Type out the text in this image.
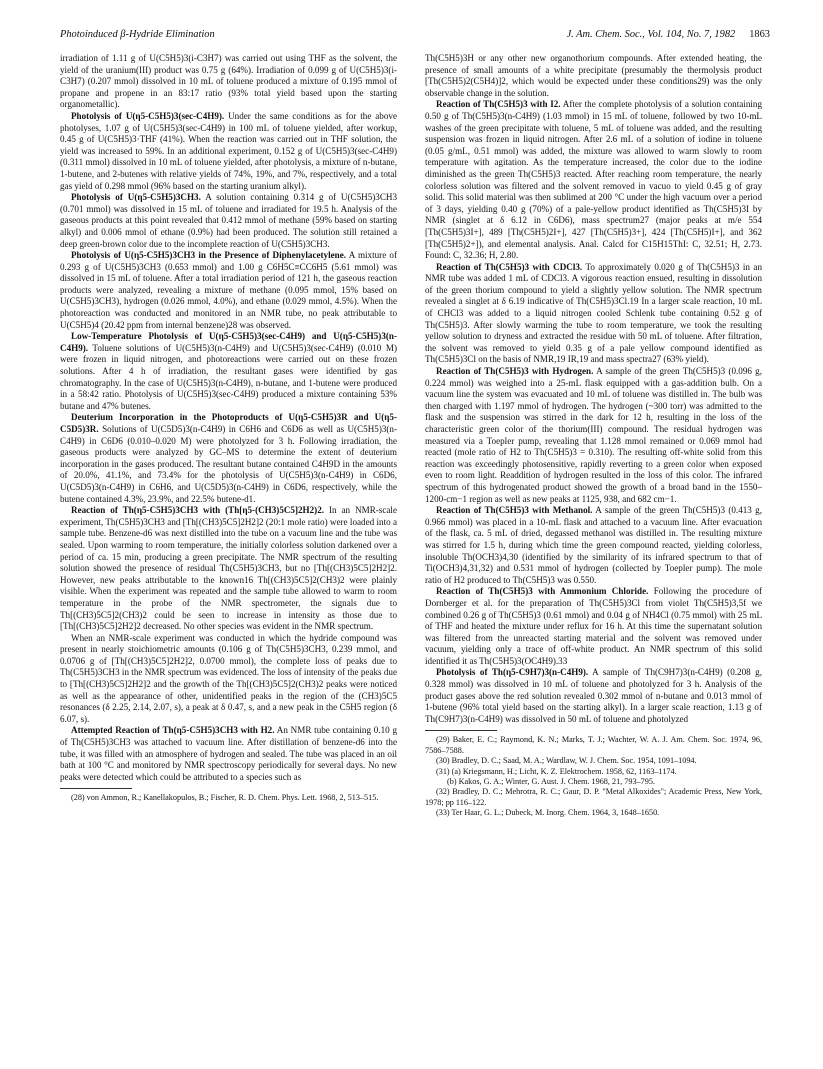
Photoinduced β-Hydride Elimination	J. Am. Chem. Soc., Vol. 104, No. 7, 1982 1863

irradiation of 1.11 g of U(C5H5)3(i-C3H7) was carried out using THF as the solvent, the yield of the uranium(III) product was 0.75 g (64%). Irradiation of 0.099 g of U(C5H5)3(i-C3H7) (0.207 mmol) dissolved in 10 mL of toluene produced a mixture of 0.195 mmol of propane and propene in an 83:17 ratio (93% total yield based upon the starting organometallic).

Photolysis of U(η5-C5H5)3(sec-C4H9). Under the same conditions as for the above photolyses, 1.07 g of U(C5H5)3(sec-C4H9) in 100 mL of toluene yielded, after workup, 0.45 g of U(C5H5)3·THF (41%). When the reaction was carried out in THF solution, the yield was increased to 59%. In an additional experiment, 0.152 g of U(C5H5)3(sec-C4H9) (0.311 mmol) dissolved in 10 mL of toluene yielded, after photolysis, a mixture of n-butane, 1-butene, and 2-butenes with relative yields of 74%, 19%, and 7%, respectively, and a total gas yield of 0.298 mmol (96% based on the starting uranium alkyl).

Photolysis of U(η5-C5H5)3CH3. A solution containing 0.314 g of U(C5H5)3CH3 (0.701 mmol) was dissolved in 15 mL of toluene and irradiated for 19.5 h. Analysis of the gaseous products at this point revealed that 0.412 mmol of methane (59% based on starting alkyl) and 0.006 mmol of ethane (0.9%) had been produced. The solution still retained a deep green-brown color due to the incomplete reaction of U(C5H5)3CH3.

Photolysis of U(η5-C5H5)3CH3 in the Presence of Diphenylacetylene. A mixture of 0.293 g of U(C5H5)3CH3 (0.653 mmol) and 1.00 g C6H5C≡CC6H5 (5.61 mmol) was dissolved in 15 mL of toluene. After a total irradiation period of 121 h, the gaseous reaction products were analyzed, revealing a mixture of methane (0.095 mmol, 15% based on U(C5H5)3CH3), hydrogen (0.026 mmol, 4.0%), and ethane (0.029 mmol, 4.5%). When the photoreaction was conducted and monitored in an NMR tube, no peak attributable to U(C5H5)4 (20.42 ppm from internal benzene)28 was observed.

Low-Temperature Photolysis of U(η5-C5H5)3(sec-C4H9) and U(η5-C5H5)3(n-C4H9). Toluene solutions of U(C5H5)3(n-C4H9) and U(C5H5)3(sec-C4H9) (0.010 M) were frozen in liquid nitrogen, and photoreactions were carried out on these frozen solutions. After 4 h of irradiation, the resultant gases were identified by gas chromatography. In the case of U(C5H5)3(n-C4H9), n-butane, and 1-butene were produced in a 58:42 ratio. Photolysis of U(C5H5)3(sec-C4H9) produced a mixture containing 53% butane and 47% butenes.

Deuterium Incorporation in the Photoproducts of U(η5-C5H5)3R and U(η5-C5D5)3R. Solutions of U(C5D5)3(n-C4H9) in C6H6 and C6D6 as well as U(C5H5)3(n-C4H9) in C6D6 (0.010–0.020 M) were photolyzed for 3 h. Following irradiation, the gaseous products were analyzed by GC–MS to determine the extent of deuterium incorporation in the gases produced. The resultant butane contained C4H9D in the amounts of 20.0%, 41.1%, and 73.4% for the photolysis of U(C5H5)3(n-C4H9) in C6D6, U(C5D5)3(n-C4H9) in C6H6, and U(C5D5)3(n-C4H9) in C6D6, respectively, while the butene contained 4.3%, 23.9%, and 22.5% butene-d1.

Reaction of Th(η5-C5H5)3CH3 with (Th[η5-(CH3)5C5]2H2)2. In an NMR-scale experiment, Th(C5H5)3CH3 and [Th[(CH3)5C5]2H2]2 (20:1 mole ratio) were loaded into a sample tube. Benzene-d6 was next distilled into the tube on a vacuum line and the tube was sealed. Upon warming to room temperature, the initially colorless solution darkened over a period of ca. 15 min, producing a green precipitate. The NMR spectrum of the resulting solution showed the presence of residual Th(C5H5)3CH3, but no [Th[(CH3)5C5]2H2]2. However, new peaks attributable to the known16 Th[(CH3)5C5]2(CH3)2 were plainly visible. When the experiment was repeated and the sample tube allowed to warm to room temperature in the probe of the NMR spectrometer, the signals due to Th[(CH3)5C5]2(CH3)2 could be seen to increase in intensity as those due to [Th[(CH3)5C5]2H2]2 decreased. No other species was evident in the NMR spectrum.

When an NMR-scale experiment was conducted in which the hydride compound was present in nearly stoichiometric amounts (0.106 g of Th(C5H5)3CH3, 0.239 mmol, and 0.0706 g of [Th[(CH3)5C5]2H2]2, 0.0700 mmol), the complete loss of peaks due to Th(C5H5)3CH3 in the NMR spectrum was evidenced. The loss of intensity of the peaks due to [Th[(CH3)5C5]2H2]2 and the growth of the Th[(CH3)5C5]2(CH3)2 peaks were noticed as well as the appearance of other, unidentified peaks in the region of the (CH3)5C5 resonances (δ 2.25, 2.14, 2.07, s), a peak at δ 0.47, s, and a new peak in the C5H5 region (δ 6.07, s).

Attempted Reaction of Th(η5-C5H5)3CH3 with H2. An NMR tube containing 0.10 g of Th(C5H5)3CH3 was attached to vacuum line. After distillation of benzene-d6 into the tube, it was filled with an atmosphere of hydrogen and sealed. The tube was placed in an oil bath at 100 °C and monitored by NMR spectroscopy periodically for several days. No new peaks were detected which could be attributed to a species such as

(28) von Ammon, R.; Kanellakopulos, B.; Fischer, R. D. Chem. Phys. Lett. 1968, 2, 513–515.

Th(C5H5)3H or any other new organothorium compounds. After extended heating, the presence of small amounts of a white precipitate (presumably the thermolysis product [Th(C5H5)2(C5H4)]2, which would be expected under these conditions29) was the only observable change in the solution.

Reaction of Th(C5H5)3 with I2. After the complete photolysis of a solution containing 0.50 g of Th(C5H5)3(n-C4H9) (1.03 mmol) in 15 mL of toluene, followed by two 10-mL washes of the green precipitate with toluene, 5 mL of toluene was added, and the resulting suspension was frozen in liquid nitrogen. After 2.6 mL of a solution of iodine in toluene (0.05 g/mL, 0.51 mmol) was added, the mixture was allowed to warm slowly to room temperature with agitation. As the temperature increased, the color due to the iodine diminished as the green Th(C5H5)3 reacted. After reaching room temperature, the nearly colorless solution was filtered and the solvent removed in vacuo to yield 0.45 g of gray solid. This solid material was then sublimed at 200 °C under the high vacuum over a period of 3 days, yielding 0.40 g (70%) of a pale-yellow product identified as Th(C5H5)3I by NMR (singlet at δ 6.12 in C6D6), mass spectrum27 (major peaks at m/e 554 [Th(C5H5)3I+], 489 [Th(C5H5)2I+], 427 [Th(C5H5)3+], 424 [Th(C5H5)I+], and 362 [Th(C5H5)2+]), and elemental analysis. Anal. Calcd for C15H15ThI: C, 32.51; H, 2.73. Found: C, 32.36; H, 2.80.

Reaction of Th(C5H5)3 with CDCl3. To approximately 0.020 g of Th(C5H5)3 in an NMR tube was added 1 mL of CDCl3. A vigorous reaction ensued, resulting in dissolution of the green thorium compound to yield a slightly yellow solution. The NMR spectrum revealed a singlet at δ 6.19 indicative of Th(C5H5)3Cl.19 In a larger scale reaction, 10 mL of CHCl3 was added to a liquid nitrogen cooled Schlenk tube containing 0.52 g of Th(C5H5)3. After slowly warming the tube to room temperature, we took the resulting yellow solution to dryness and extracted the residue with 50 mL of toluene. After filtration, the solvent was removed to yield 0.35 g of a pale yellow compound identified as Th(C5H5)3Cl on the basis of NMR,19 IR,19 and mass spectra27 (63% yield).

Reaction of Th(C5H5)3 with Hydrogen. A sample of the green Th(C5H5)3 (0.096 g, 0.224 mmol) was weighed into a 25-mL flask equipped with a gas-addition bulb. On a vacuum line the system was evacuated and 10 mL of toluene was distilled in. The bulb was then charged with 1.197 mmol of hydrogen. The hydrogen (~300 torr) was admitted to the flask and the suspension was stirred in the dark for 12 h, resulting in the loss of the characteristic green color of the thorium(III) compound. The residual hydrogen was measured via a Toepler pump, revealing that 1.128 mmol remained or 0.069 mmol had reacted (mole ratio of H2 to Th(C5H5)3 = 0.310). The resulting off-white solid from this reaction was exceedingly photosensitive, rapidly reverting to a green color when exposed even to room light. Readdition of hydrogen resulted in the loss of this color. The infrared spectrum of this hydrogenated product showed the growth of a broad band in the 1550–1200-cm−1 region as well as new peaks at 1125, 938, and 682 cm−1.

Reaction of Th(C5H5)3 with Methanol. A sample of the green Th(C5H5)3 (0.413 g, 0.966 mmol) was placed in a 10-mL flask and attached to a vacuum line. After evacuation of the flask, ca. 5 mL of dried, degassed methanol was distilled in. The resulting mixture was stirred for 1.5 h, during which time the green compound reacted, yielding colorless, insoluble Th(OCH3)4,30 (identified by the similarity of its infrared spectrum to that of Ti(OCH3)4,31,32) and 0.531 mmol of hydrogen (collected by Toepler pump). The mole ratio of H2 produced to Th(C5H5)3 was 0.550.

Reaction of Th(C5H5)3 with Ammonium Chloride. Following the procedure of Dornberger et al. for the preparation of Th(C5H5)3Cl from violet Th(C5H5)3,5f we combined 0.26 g of Th(C5H5)3 (0.61 mmol) and 0.04 g of NH4Cl (0.75 mmol) with 25 mL of THF and heated the mixture under reflux for 16 h. At this time the supernatant solution was filtered from the unreacted starting material and the solvent was removed under vacuum, yielding only a trace of off-white product. An NMR spectrum of this solid identified it as Th(C5H5)3(OC4H9).33

Photolysis of Th(η5-C9H7)3(n-C4H9). A sample of Th(C9H7)3(n-C4H9) (0.208 g, 0.328 mmol) was dissolved in 10 mL of toluene and photolyzed for 3 h. Analysis of the product gases above the red solution revealed 0.302 mmol of n-butane and 0.013 mmol of 1-butene (96% total yield based on the starting alkyl). In a larger scale reaction, 1.13 g of Th(C9H7)3(n-C4H9) was dissolved in 50 mL of toluene and photolyzed

(29) Baker, E. C.; Raymond, K. N.; Marks, T. J.; Wachter, W. A. J. Am. Chem. Soc. 1974, 96, 7586–7588.

(30) Bradley, D. C.; Saad, M. A.; Wardlaw, W. J. Chem. Soc. 1954, 1091–1094.

(31) (a) Kriegsmann, H.; Licht, K. Z. Elektrochem. 1958, 62, 1163–1174.

(b) Kakos, G. A.; Winter, G. Aust. J. Chem. 1968, 21, 793–795.

(32) Bradley, D. C.; Mehrotra, R. C.; Gaur, D. P. "Metal Alkoxides"; Academic Press, New York, 1978; pp 116–122.

(33) Ter Haar, G. L.; Dubeck, M. Inorg. Chem. 1964, 3, 1648–1650.
